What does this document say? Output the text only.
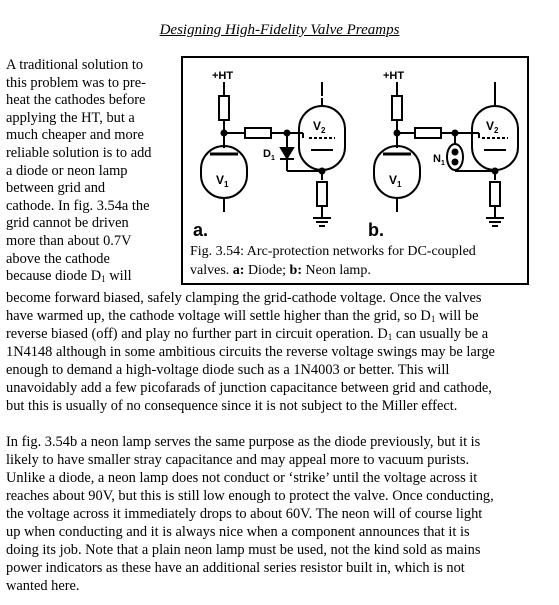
Designing High-Fidelity Valve Preamps
A traditional solution to
this problem was to pre-
heat the cathodes before
applying the HT, but a
much cheaper and more
reliable solution is to add
a diode or neon lamp
between grid and
cathode. In fig. 3.54a the
grid cannot be driven
more than about 0.7V
above the cathode
because diode $D_1$ will
+HT
$V_1$
$D_1$
$V_2$
a.
+HT
$V_1$
$N_1$
$V_2$
b.
Fig. 3.54: Arc-protection networks for DC-coupled
valves. a: Diode; b: Neon lamp.
become forward biased, safely clamping the grid-cathode voltage. Once the valves
have warmed up, the cathode voltage will settle higher than the grid, so $D_1$ will be
reverse biased (off) and play no further part in circuit operation. $D_1$ can usually be a
1N4148 although in some ambitious circuits the reverse voltage swings may be large
enough to demand a high-voltage diode such as a 1N4003 or better. This will
unavoidably add a few picofarads of junction capacitance between grid and cathode,
but this is usually of no consequence since it is not subject to the Miller effect.
In fig. 3.54b a neon lamp serves the same purpose as the diode previously, but it is
likely to have smaller stray capacitance and may appeal more to vacuum purists.
Unlike a diode, a neon lamp does not conduct or ‘strike’ until the voltage across it
reaches about 90V, but this is still low enough to protect the valve. Once conducting,
the voltage across it immediately drops to about 60V. The neon will of course light
up when conducting and it is always nice when a component announces that it is
doing its job. Note that a plain neon lamp must be used, not the kind sold as mains
power indicators as these have an additional series resistor built in, which is not
wanted here.
